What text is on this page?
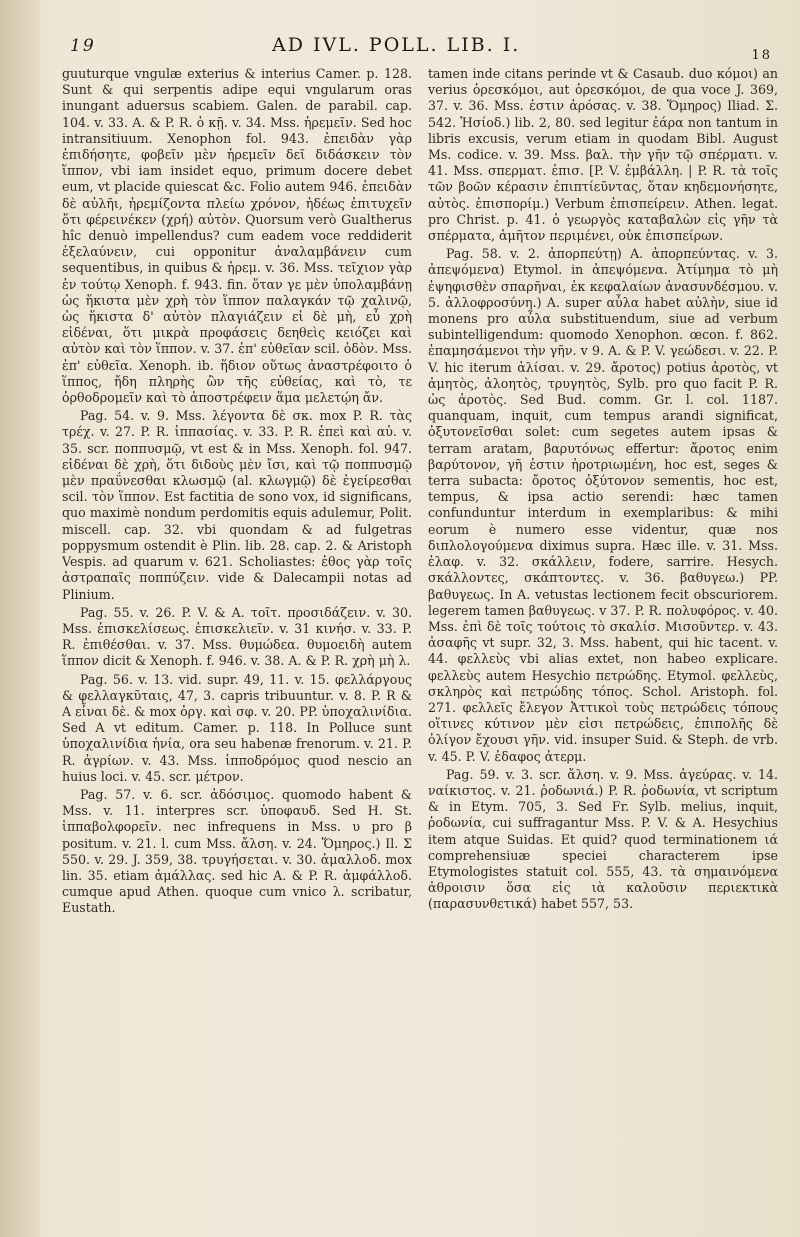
19	AD IVL. POLL. LIB. I.	18

guuturque vngulæ exterius & interius Camer. p. 128. Sunt & qui serpentis adipe equi vngularum oras inungant aduersus scabiem. Galen. de parabil. cap. 104. v. 33. A. & P. R. ὁ κῇ. v. 34. Mss. ἡρεμεῖν. Sed hoc intransitiuum. Xenophon fol. 943. ἐπειδὰν γὰρ ἐπιδήσητε, φοβεῖν μὲν ἡρεμεῖν δεῖ διδάσκειν τὸν ἵππον, vbi iam insidet equo, primum docere debet eum, vt placide quiescat &c. Folio autem 946. ἐπειδὰν δὲ αὐλῆι, ἠρεμίζοντα πλείω χρόνον, ἡδέως ἐπιτυχεῖν ὅτι φέρεινέκεν (χρή) αὐτὸν. Quorsum verò Gualtherus hîc denuò impellendus? cum eadem voce reddiderit ἐξελαύνειν, cui opponitur ἀναλαμβάνειν cum sequentibus, in quibus & ἠρεμ. v. 36. Mss. τεῖχιον γὰρ ἐν τούτῳ Xenoph. f. 943. fin. ὅταν γε μὲν ὑπολαμβάνῃ ὡς ἥκιστα μὲν χρὴ τὸν ἵππον παλαγκάν τῷ χαλινῷ, ὡς ἥκιστα δ' αὐτὸν πλαγιάζειν εἰ δὲ μὴ, εὖ χρὴ εἰδέναι, ὅτι μικρὰ προφάσεις δεηθεὶς κειόζει καὶ αὐτὸν καὶ τὸν ἵππον. v. 37. ἐπ' εὐθεῖαν scil. ὁδὸν. Mss. ἐπ' εὐθεῖα. Xenoph. ib. ἥδιον οὕτως ἀναστρέφοιτο ὁ ἵππος, ἤδη πληρὴς ὢν τῆς εὐθείας, καὶ τὸ, τε ὀρθοδρομεῖν καὶ τὸ ἀποστρέφειν ἅμα μελετῴη ἄν.

Pag. 54. v. 9. Mss. λέγοντα δὲ σκ. mox P. R. τὰς τρέχ. v. 27. P. R. ἱππασίας. v. 33. P. R. ἐπεὶ καὶ αὐ. v. 35. scr. ποππυσμῷ, vt est & in Mss. Xenoph. fol. 947. εἰδέναι δὲ χρὴ, ὅτι διδοὺς μὲν ἴσι, καὶ τῷ ποππυσμῷ μὲν πραΰνεσθαι κλωσμῷ (al. κλωγμῷ) δὲ ἐγείρεσθαι scil. τὸν ἵππον. Est factitia de sono vox, id significans, quo maximè nondum perdomitis equis adulemur, Polit. miscell. cap. 32. vbi quondam & ad fulgetras poppysmum ostendit è Plin. lib. 28. cap. 2. & Aristoph Vespis. ad quarum v. 621. Scholiastes: ἐθος γὰρ τοῖς ἀστραπαῖς ποππύζειν. vide & Dalecampii notas ad Plinium.

Pag. 55. v. 26. P. V. & A. τοῖτ. προσιδάζειν. v. 30. Mss. ἐπισκελίσεως. ἐπισκελιεῖν. v. 31 κινήσ. v. 33. P. R. ἐπιθέσθαι. v. 37. Mss. θυμώδεα. θυμοειδὴ autem ἵππον dicit & Xenoph. f. 946. v. 38. A. & P. R. χρὴ μὴ λ.

Pag. 56. v. 13. vid. supr. 49, 11. v. 15. φελλάργους & φελλαγκῦταις, 47, 3. capris tribuuntur. v. 8. P. R & A εἶναι δὲ. & mox ὀργ. καὶ σφ. v. 20. PP. ὑποχαλινίδια. Sed A vt editum. Camer. p. 118. In Polluce sunt ὑποχαλινίδια ἡνία, ora seu habenæ frenorum. v. 21. P. R. ἀγρίων. v. 43. Mss. ἱπποδρόμος quod nescio an huius loci. v. 45. scr. μέτρον.

Pag. 57. v. 6. scr. ἀδόσιμος. quomodo habent & Mss. v. 11. interpres scr. ὑποφαυδ. Sed H. St. ἱππαβολφορεῖν. nec infrequens in Mss. υ pro β positum. v. 21. l. cum Mss. ἄλση. v. 24. Ὅμηρος.) Il. Σ 550. v. 29. J. 359, 38. τρυγήσεται. v. 30. ἀμαλλοδ. mox lin. 35. etiam ἀμάλλας. sed hic A. & P. R. ἀμφάλλοδ. cumque apud Athen. quoque cum vnico λ. scribatur, Eustath.

tamen inde citans perinde vt & Casaub. duo κόμοι) an verius ὀρεσκόμοι, aut ὀρεσκόμοι, de qua voce J. 369, 37. v. 36. Mss. ἐστιν ἀρόσας. v. 38. Ὅμηρος) Iliad. Σ. 542. Ἡσίοδ.) lib. 2, 80. sed legitur ἐάρα non tantum in libris excusis, verum etiam in quodam Bibl. August Ms. codice. v. 39. Mss. βαλ. τὴν γῆν τῷ σπέρματι. v. 41. Mss. σπερματ. ἐπισ. [P. V. ἐμβάλλη. | P. R. τὰ τοῖς τῶν βοῶν κέρασιν ἐπιπτίεῦντας, ὅταν κηδεμονήσητε, αὐτὸς. ἐπισπορίμ.) Verbum ἐπισπείρειν. Athen. legat. pro Christ. p. 41. ὁ γεωργὸς καταβαλὼν εἰς γῆν τὰ σπέρματα, ἀμῆτον περιμένει, οὐκ ἐπισπείρων.

Pag. 58. v. 2. ἀπορπεύτῃ) A. ἀπορπεύντας. v. 3. ἀπεψόμενα) Etymol. in ἀπεψόμενα. Ἀτίμημα τὸ μὴ ἐψηφισθὲν σπαρῆναι, ἐκ κεφαλαίων ἀνασυνδέσμου. v. 5. ἀλλοφροσύνη.) A. super αὖλα habet αὐλὴν, siue id monens pro αὖλα substituendum, siue ad verbum subintelligendum: quomodo Xenophon. œcon. f. 862. ἐπαμησάμενοι τὴν γῆν. v 9. A. & P. V. γεώδεσι. v. 22. P. V. hic iterum ἀλίσαι. v. 29. ἄροτος) potius ἀροτὸς, vt ἀμητὸς, ἀλοητὸς, τρυγητὸς, Sylb. pro quo facit P. R. ὡς ἀροτὸς. Sed Bud. comm. Gr. l. col. 1187. quanquam, inquit, cum tempus arandi significat, ὀξυτονεῖσθαι solet: cum segetes autem ipsas & terram aratam, βαρυτόνως effertur: ἄροτος enim βαρύτονον, γῆ ἐστιν ἠροτριωμένη, hoc est, seges & terra subacta: ὄροτος ὀξύτονον sementis, hoc est, tempus, & ipsa actio serendi: hæc tamen confunduntur interdum in exemplaribus: & mihi eorum è numero esse videntur, quæ nos διπλολογούμενα diximus supra. Hæc ille. v. 31. Mss. ἐλαφ. v. 32. σκάλλειν, fodere, sarrire. Hesych. σκάλλοντες, σκάπτοντες. v. 36. βαθυγεω.) PP. βαθυγεως. In A. vetustas lectionem fecit obscuriorem. legerem tamen βαθυγεως. v 37. P. R. πολυφόρος. v. 40. Mss. ἐπὶ δὲ τοῖς τούτοις τὸ σκαλίσ. Μισοῦντερ. v. 43. ἀσαφῆς vt supr. 32, 3. Mss. habent, qui hic tacent. v. 44. φελλεὺς vbi alias extet, non habeo explicare. φελλεὺς autem Hesychio πετρώδης. Etymol. φελλεὺς, σκληρὸς καὶ πετρώδης τόπος. Schol. Aristoph. fol. 271. φελλεῖς ἔλεγον Ἀττικοὶ τοὺς πετρώδεις τόπους οἵτινες κύτινον μὲν εἰσι πετρώδεις, ἐπιπολῆς δὲ ὀλίγον ἔχουσι γῆν. vid. insuper Suid. & Steph. de vrb. v. 45. P. V. ἐδαφος ἀτερμ.

Pag. 59. v. 3. scr. ἄλση. v. 9. Mss. ἀγεύρας. v. 14. ναίκιστος. v. 21. ῥοδωνιά.) P. R. ῥοδωνία, vt scriptum & in Etym. 705, 3. Sed Fr. Sylb. melius, inquit, ῥοδωνία, cui suffragantur Mss. P. V. & A. Hesychius item atque Suidas. Et quid? quod terminationem ιά comprehensiuæ speciei characterem ipse Etymologistes statuit col. 555, 43. τὰ σημαινόμενα ἀθροισιν ὅσα εἰς ιὰ καλοῦσιν περιεκτικὰ (παρασυνθετικά) habet 557, 53.
